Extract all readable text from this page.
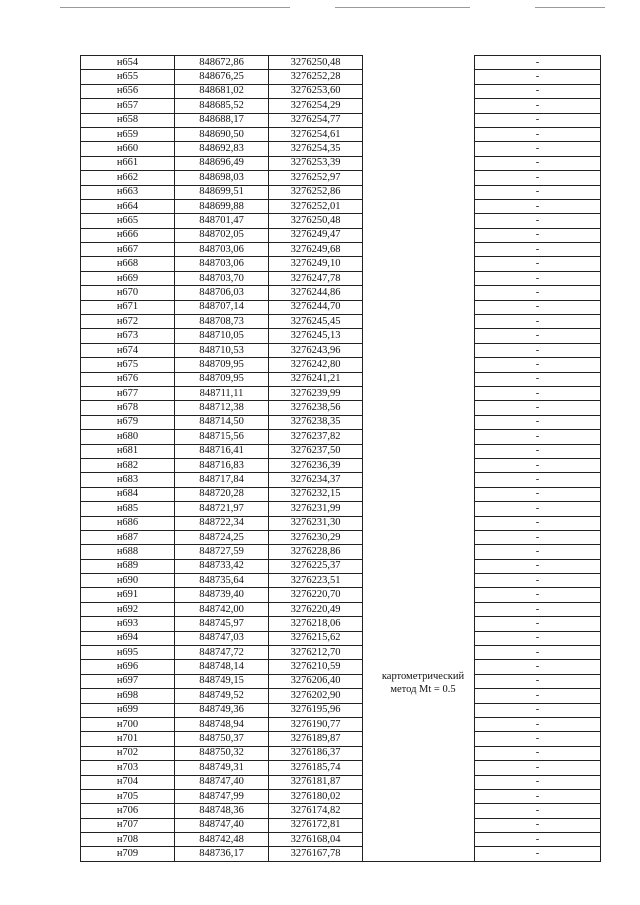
н654	848672,86	3276250,48		-
н655	848676,25	3276252,28		-
н656	848681,02	3276253,60		-
н657	848685,52	3276254,29		-
н658	848688,17	3276254,77		-
н659	848690,50	3276254,61		-
н660	848692,83	3276254,35		-
н661	848696,49	3276253,39		-
н662	848698,03	3276252,97		-
н663	848699,51	3276252,86		-
н664	848699,88	3276252,01		-
н665	848701,47	3276250,48		-
н666	848702,05	3276249,47		-
н667	848703,06	3276249,68		-
н668	848703,06	3276249,10		-
н669	848703,70	3276247,78		-
н670	848706,03	3276244,86		-
н671	848707,14	3276244,70		-
н672	848708,73	3276245,45		-
н673	848710,05	3276245,13		-
н674	848710,53	3276243,96		-
н675	848709,95	3276242,80		-
н676	848709,95	3276241,21		-
н677	848711,11	3276239,99		-
н678	848712,38	3276238,56		-
н679	848714,50	3276238,35		-
н680	848715,56	3276237,82		-
н681	848716,41	3276237,50		-
н682	848716,83	3276236,39		-
н683	848717,84	3276234,37		-
н684	848720,28	3276232,15		-
н685	848721,97	3276231,99		-
н686	848722,34	3276231,30		-
н687	848724,25	3276230,29		-
н688	848727,59	3276228,86		-
н689	848733,42	3276225,37		-
н690	848735,64	3276223,51		-
н691	848739,40	3276220,70		-
н692	848742,00	3276220,49		-
н693	848745,97	3276218,06		-
н694	848747,03	3276215,62		-
н695	848747,72	3276212,70		-
н696	848748,14	3276210,59		-
н697	848749,15	3276206,40		-
н698	848749,52	3276202,90		-
н699	848749,36	3276195,96		-
н700	848748,94	3276190,77		-
н701	848750,37	3276189,87		-
н702	848750,32	3276186,37		-
н703	848749,31	3276185,74		-
н704	848747,40	3276181,87		-
н705	848747,99	3276180,02		-
н706	848748,36	3276174,82		-
н707	848747,40	3276172,81		-
н708	848742,48	3276168,04		-
н709	848736,17	3276167,78		-
картометрический
метод Mt = 0.5
